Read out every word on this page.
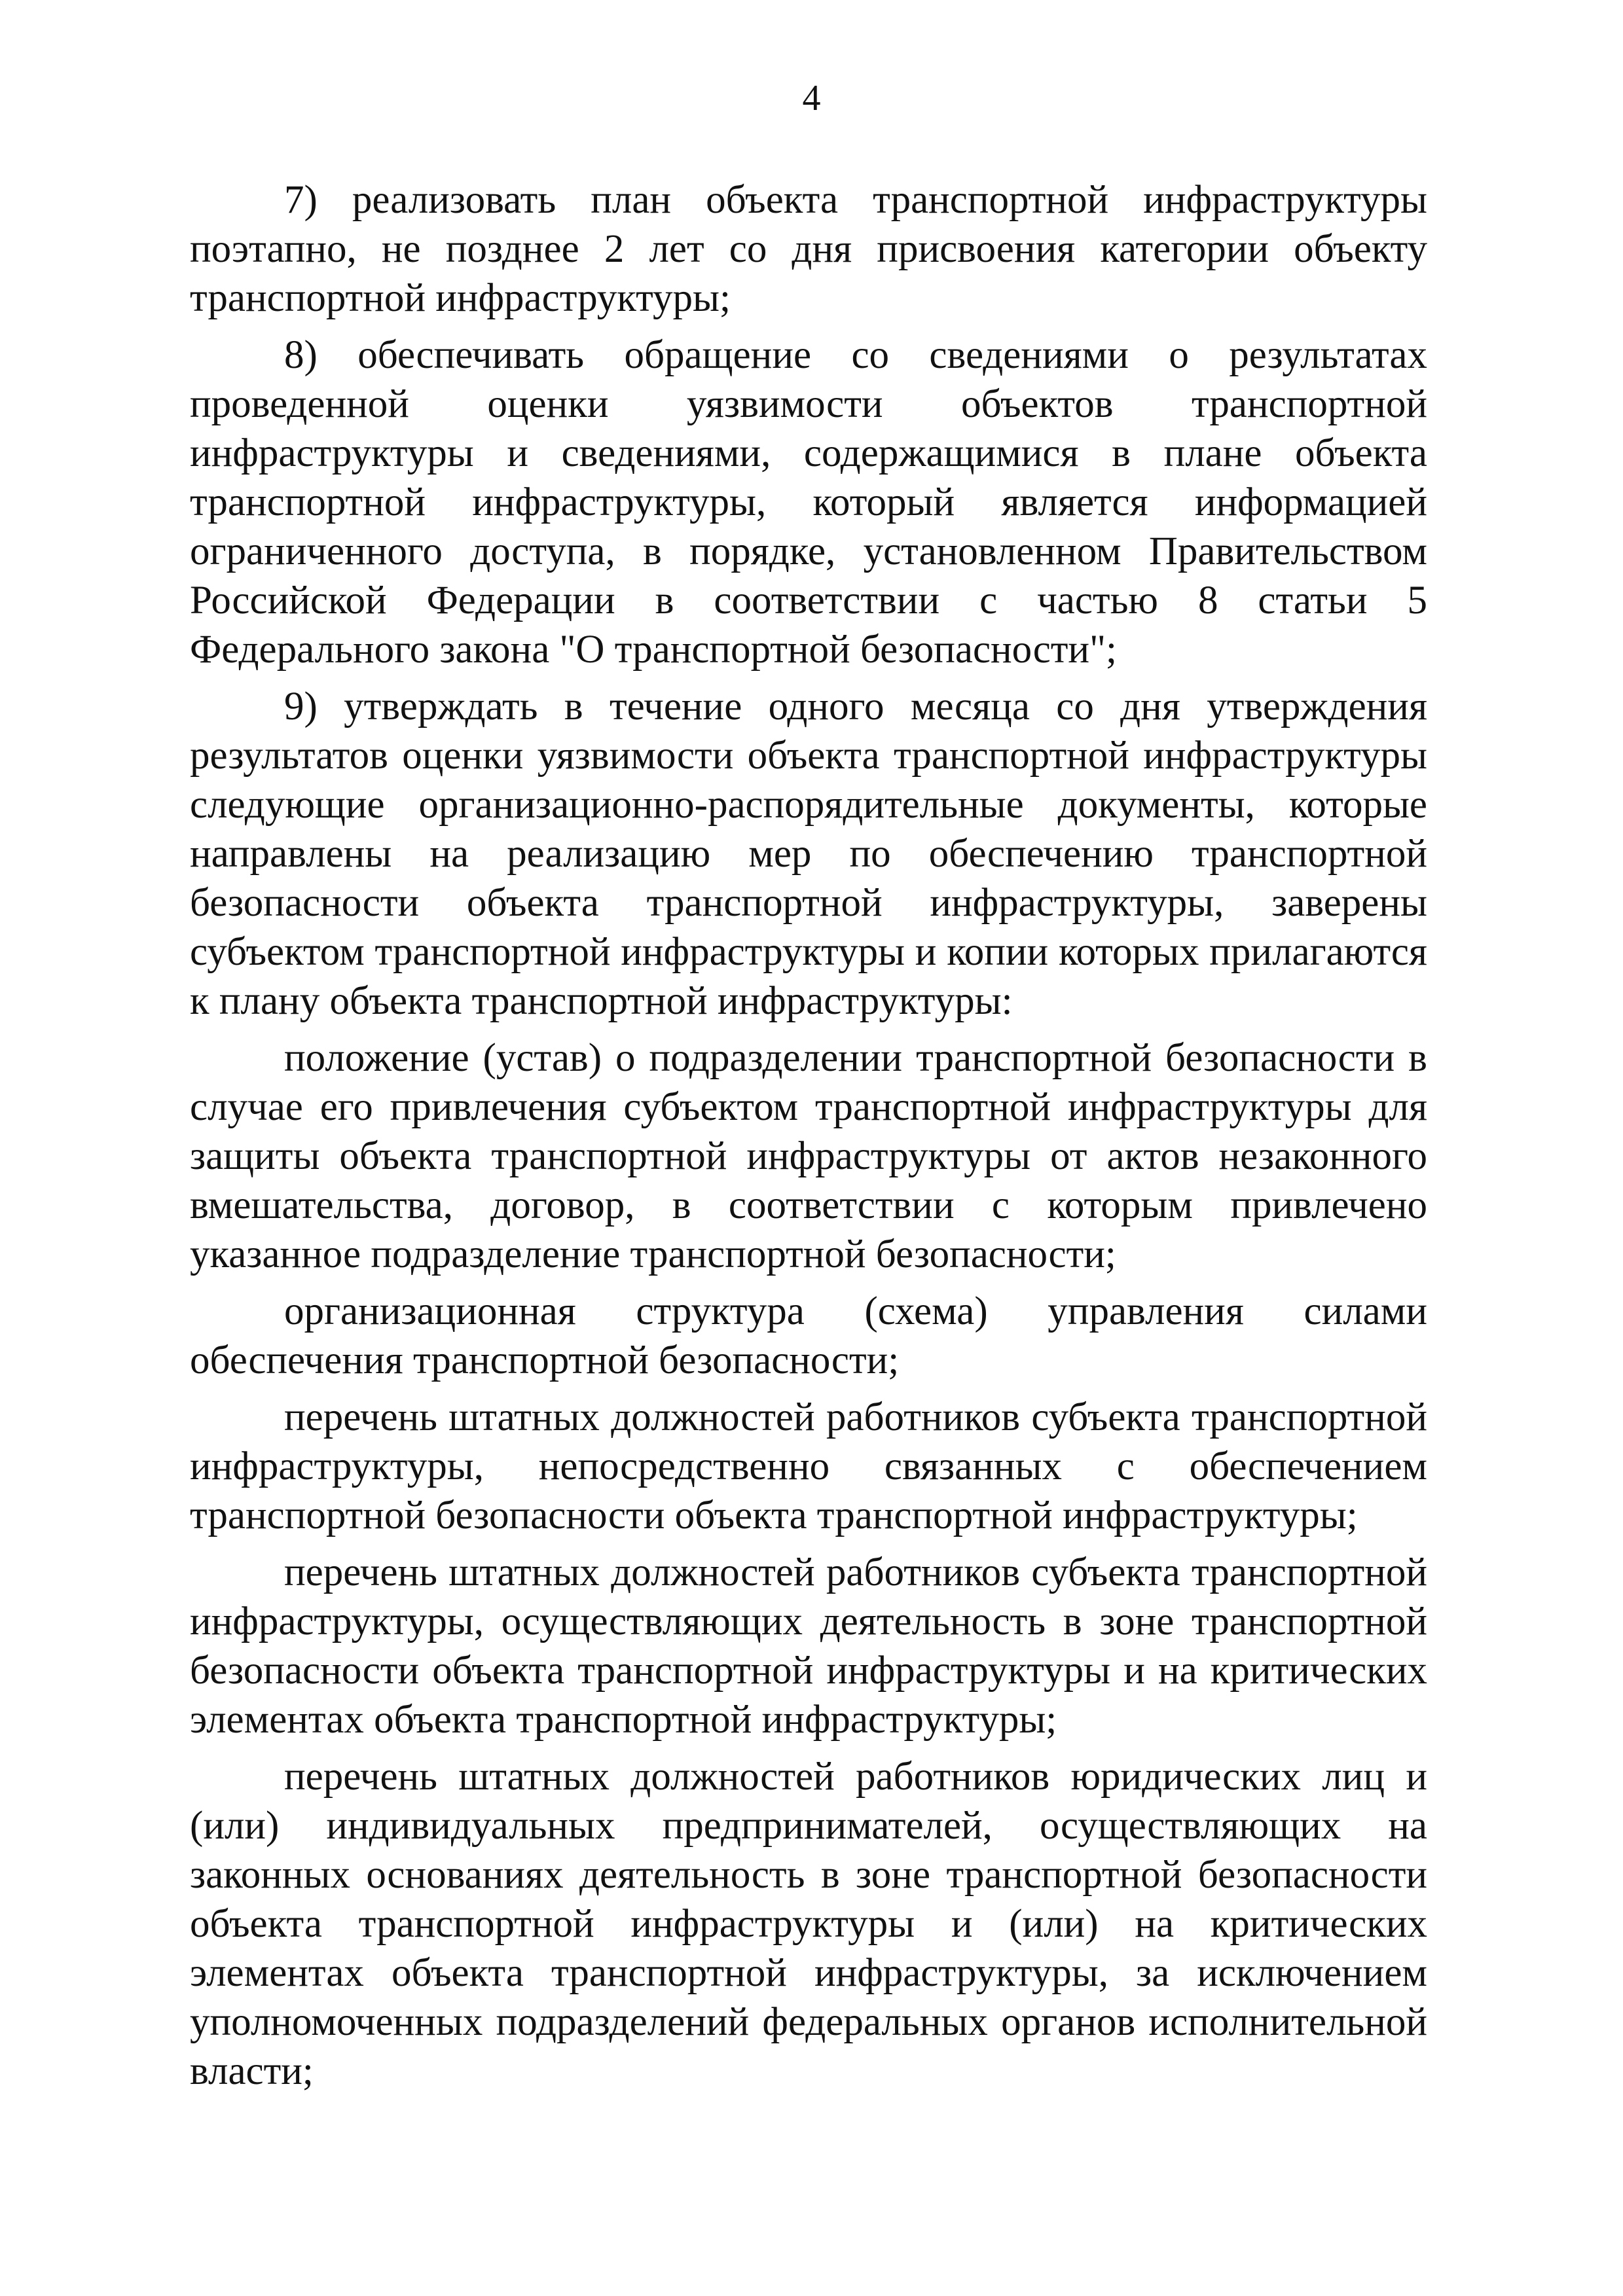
4

7) реализовать план объекта транспортной инфраструктуры поэтапно, не позднее 2 лет со дня присвоения категории объекту транспортной инфраструктуры;

8) обеспечивать обращение со сведениями о результатах проведенной оценки уязвимости объектов транспортной инфраструктуры и сведениями, содержащимися в плане объекта транспортной инфраструктуры, который является информацией ограниченного доступа, в порядке, установленном Правительством Российской Федерации в соответствии с частью 8 статьи 5 Федерального закона "О транспортной безопасности";

9) утверждать в течение одного месяца со дня утверждения результатов оценки уязвимости объекта транспортной инфраструктуры следующие организационно-распорядительные документы, которые направлены на реализацию мер по обеспечению транспортной безопасности объекта транспортной инфраструктуры, заверены субъектом транспортной инфраструктуры и копии которых прилагаются к плану объекта транспортной инфраструктуры:

положение (устав) о подразделении транспортной безопасности в случае его привлечения субъектом транспортной инфраструктуры для защиты объекта транспортной инфраструктуры от актов незаконного вмешательства, договор, в соответствии с которым привлечено указанное подразделение транспортной безопасности;

организационная структура (схема) управления силами обеспечения транспортной безопасности;

перечень штатных должностей работников субъекта транспортной инфраструктуры, непосредственно связанных с обеспечением транспортной безопасности объекта транспортной инфраструктуры;

перечень штатных должностей работников субъекта транспортной инфраструктуры, осуществляющих деятельность в зоне транспортной безопасности объекта транспортной инфраструктуры и на критических элементах объекта транспортной инфраструктуры;

перечень штатных должностей работников юридических лиц и (или) индивидуальных предпринимателей, осуществляющих на законных основаниях деятельность в зоне транспортной безопасности объекта транспортной инфраструктуры и (или) на критических элементах объекта транспортной инфраструктуры, за исключением уполномоченных подразделений федеральных органов исполнительной власти;
